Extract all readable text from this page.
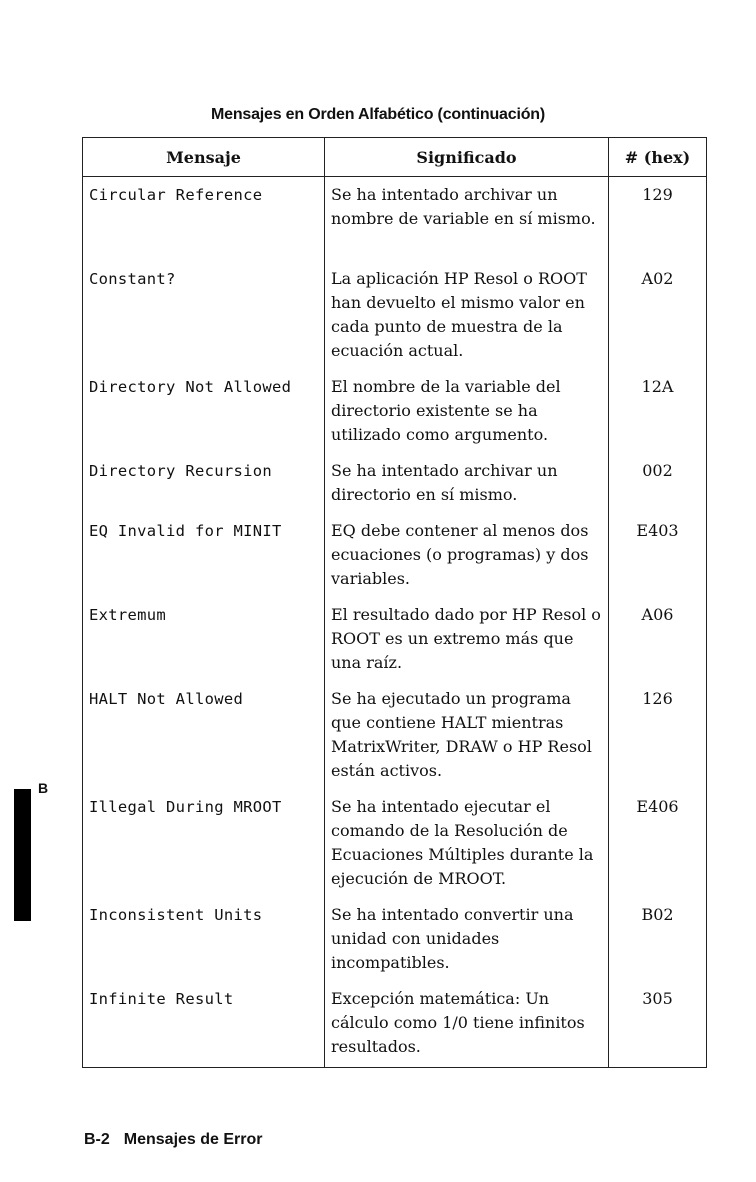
Mensajes en Orden Alfabético (continuación)
Mensaje	Significado	# (hex)
Circular Reference	Se ha intentado archivar un nombre de variable en sí mismo.	129
Constant?	La aplicación HP Resol o ROOT han devuelto el mismo valor en cada punto de muestra de la ecuación actual.	A02
Directory Not Allowed	El nombre de la variable del directorio existente se ha utilizado como argumento.	12A
Directory Recursion	Se ha intentado archivar un directorio en sí mismo.	002
EQ Invalid for MINIT	EQ debe contener al menos dos ecuaciones (o programas) y dos variables.	E403
Extremum	El resultado dado por HP Resol o ROOT es un extremo más que una raíz.	A06
HALT Not Allowed	Se ha ejecutado un programa que contiene HALT mientras MatrixWriter, DRAW o HP Resol están activos.	126
Illegal During MROOT	Se ha intentado ejecutar el comando de la Resolución de Ecuaciones Múltiples durante la ejecución de MROOT.	E406
Inconsistent Units	Se ha intentado convertir una unidad con unidades incompatibles.	B02
Infinite Result	Excepción matemática: Un cálculo como 1/0 tiene infinitos resultados.	305
B
B-2 Mensajes de Error
